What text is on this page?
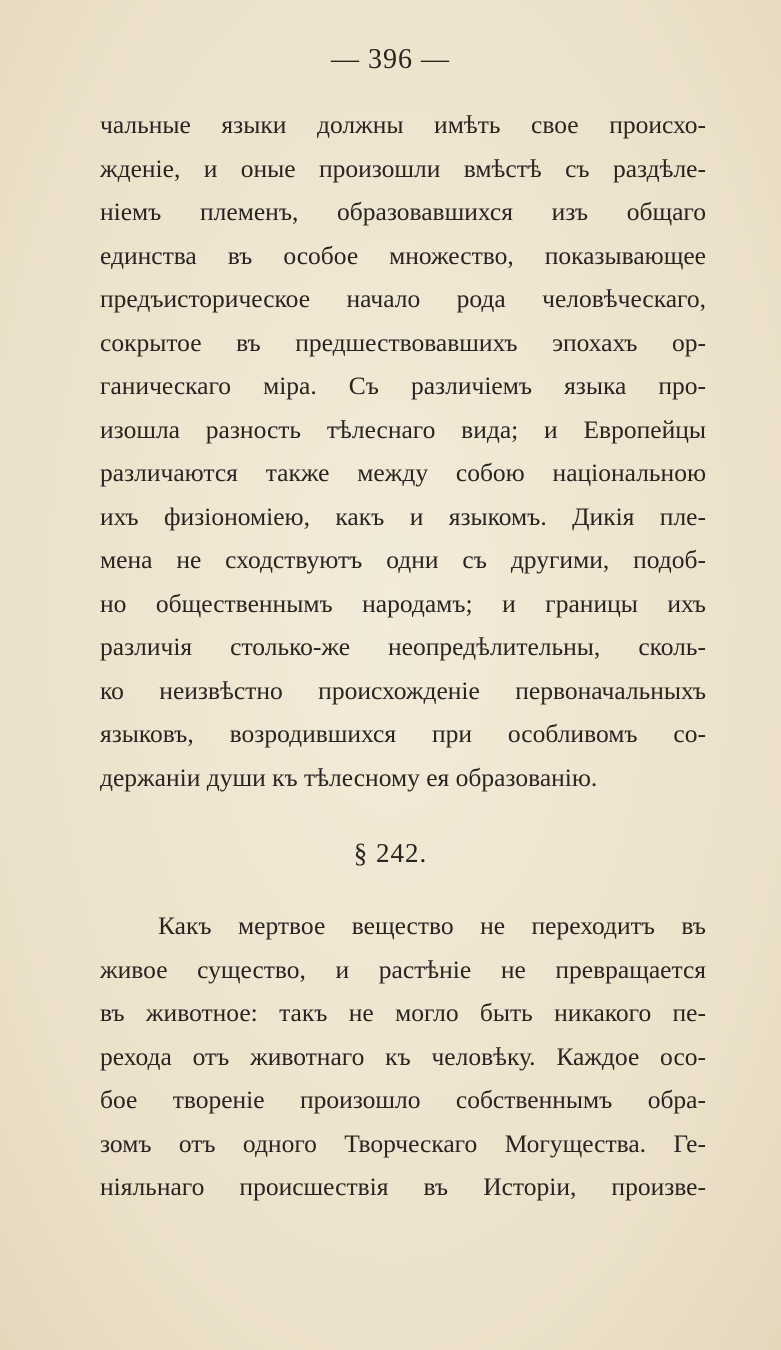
— 396 —
чальные языки должны имѣть свое происхо-
жденіе, и оные произошли вмѣстѣ съ раздѣле-
ніемъ племенъ, образовавшихся изъ общаго
единства въ особое множество, показывающее
предъисторическое начало рода человѣческаго,
сокрытое въ предшествовавшихъ эпохахъ ор-
ганическаго міра. Съ различіемъ языка про-
изошла разность тѣлеснаго вида; и Европейцы
различаются также между собою національною
ихъ физіономіею, какъ и языкомъ. Дикія пле-
мена не сходствуютъ одни съ другими, подоб-
но общественнымъ народамъ; и границы ихъ
различія столько-же неопредѣлительны, сколь-
ко неизвѣстно происхожденіе первоначальныхъ
языковъ, возродившихся при особливомъ со-
держаніи души къ тѣлесному ея образованію.
§ 242.
Какъ мертвое вещество не переходитъ въ
живое существо, и растѣніе не превращается
въ животное: такъ не могло быть никакого пе-
рехода отъ животнаго къ человѣку. Каждое осо-
бое твореніе произошло собственнымъ обра-
зомъ отъ одного Творческаго Могущества. Ге-
ніяльнаго происшествія въ Исторіи, произве-
